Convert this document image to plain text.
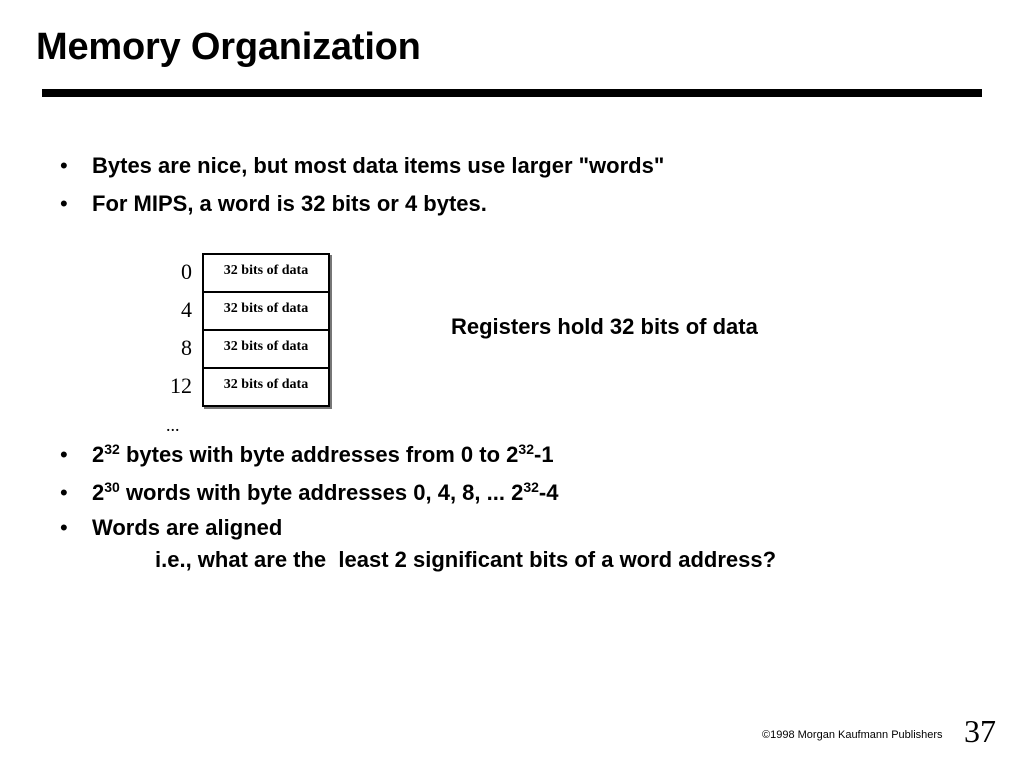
Memory Organization
• Bytes are nice, but most data items use larger "words"
• For MIPS, a word is 32 bits or 4 bytes.
0
4
8
12
32 bits of data
32 bits of data
32 bits of data
32 bits of data
...
Registers hold 32 bits of data
• $2^{32}$ bytes with byte addresses from 0 to $2^{32}-1$
• $2^{30}$ words with byte addresses 0, 4, 8, ... $2^{32}-4$
• Words are aligned
i.e., what are the  least 2 significant bits of a word address?
©1998 Morgan Kaufmann Publishers 37
